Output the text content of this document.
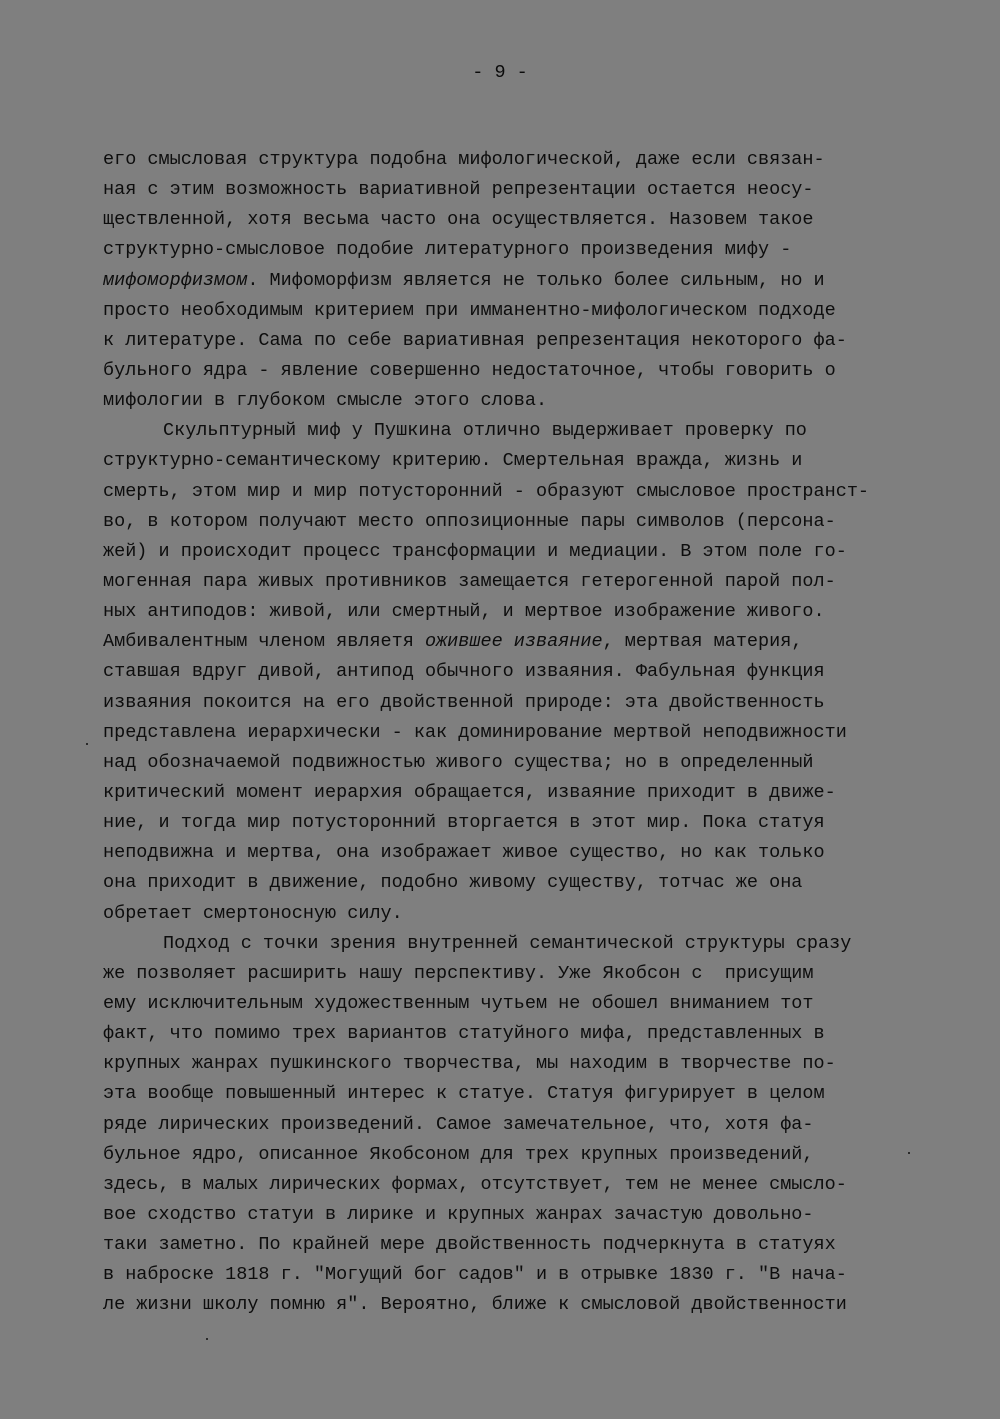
- 9 -
его смысловая структура подобна мифологической, даже если связан-
ная с этим возможность вариативной репрезентации остается неосу-
ществленной, хотя весьма часто она осуществляется. Назовем такое
структурно-смысловое подобие литературного произведения мифу -
мифоморфизмом. Мифоморфизм является не только более сильным, но и
просто необходимым критерием при имманентно-мифологическом подходе
к литературе. Сама по себе вариативная репрезентация некоторого фа-
бульного ядра - явление совершенно недостаточное, чтобы говорить о
мифологии в глубоком смысле этого слова.
Скульптурный миф у Пушкина отлично выдерживает проверку по
структурно-семантическому критерию. Смертельная вражда, жизнь и
смерть, этом мир и мир потусторонний - образуют смысловое пространст-
во, в котором получают место оппозиционные пары символов (персона-
жей) и происходит процесс трансформации и медиации. В этом поле го-
могенная пара живых противников замещается гетерогенной парой пол-
ных антиподов: живой, или смертный, и мертвое изображение живого.
Амбивалентным членом являетя ожившее изваяние, мертвая материя,
ставшая вдруг дивой, антипод обычного изваяния. Фабульная функция
изваяния покоится на его двойственной природе: эта двойственность
представлена иерархически - как доминирование мертвой неподвижности
над обозначаемой подвижностью живого существа; но в определенный
критический момент иерархия обращается, изваяние приходит в движе-
ние, и тогда мир потусторонний вторгается в этот мир. Пока статуя
неподвижна и мертва, она изображает живое существо, но как только
она приходит в движение, подобно живому существу, тотчас же она
обретает смертоносную силу.
Подход с точки зрения внутренней семантической структуры сразу
же позволяет расширить нашу перспективу. Уже Якобсон с  присущим
ему исключительным художественным чутьем не обошел вниманием тот
факт, что помимо трех вариантов статуйного мифа, представленных в
крупных жанрах пушкинского творчества, мы находим в творчестве по-
эта вообще повышенный интерес к статуе. Статуя фигурирует в целом
ряде лирических произведений. Самое замечательное, что, хотя фа-
бульное ядро, описанное Якобсоном для трех крупных произведений,
здесь, в малых лирических формах, отсутствует, тем не менее смысло-
вое сходство статуи в лирике и крупных жанрах зачастую довольно-
таки заметно. По крайней мере двойственность подчеркнута в статуях
в наброске 1818 г. "Могущий бог садов" и в отрывке 1830 г. "В нача-
ле жизни школу помню я". Вероятно, ближе к смысловой двойственности
